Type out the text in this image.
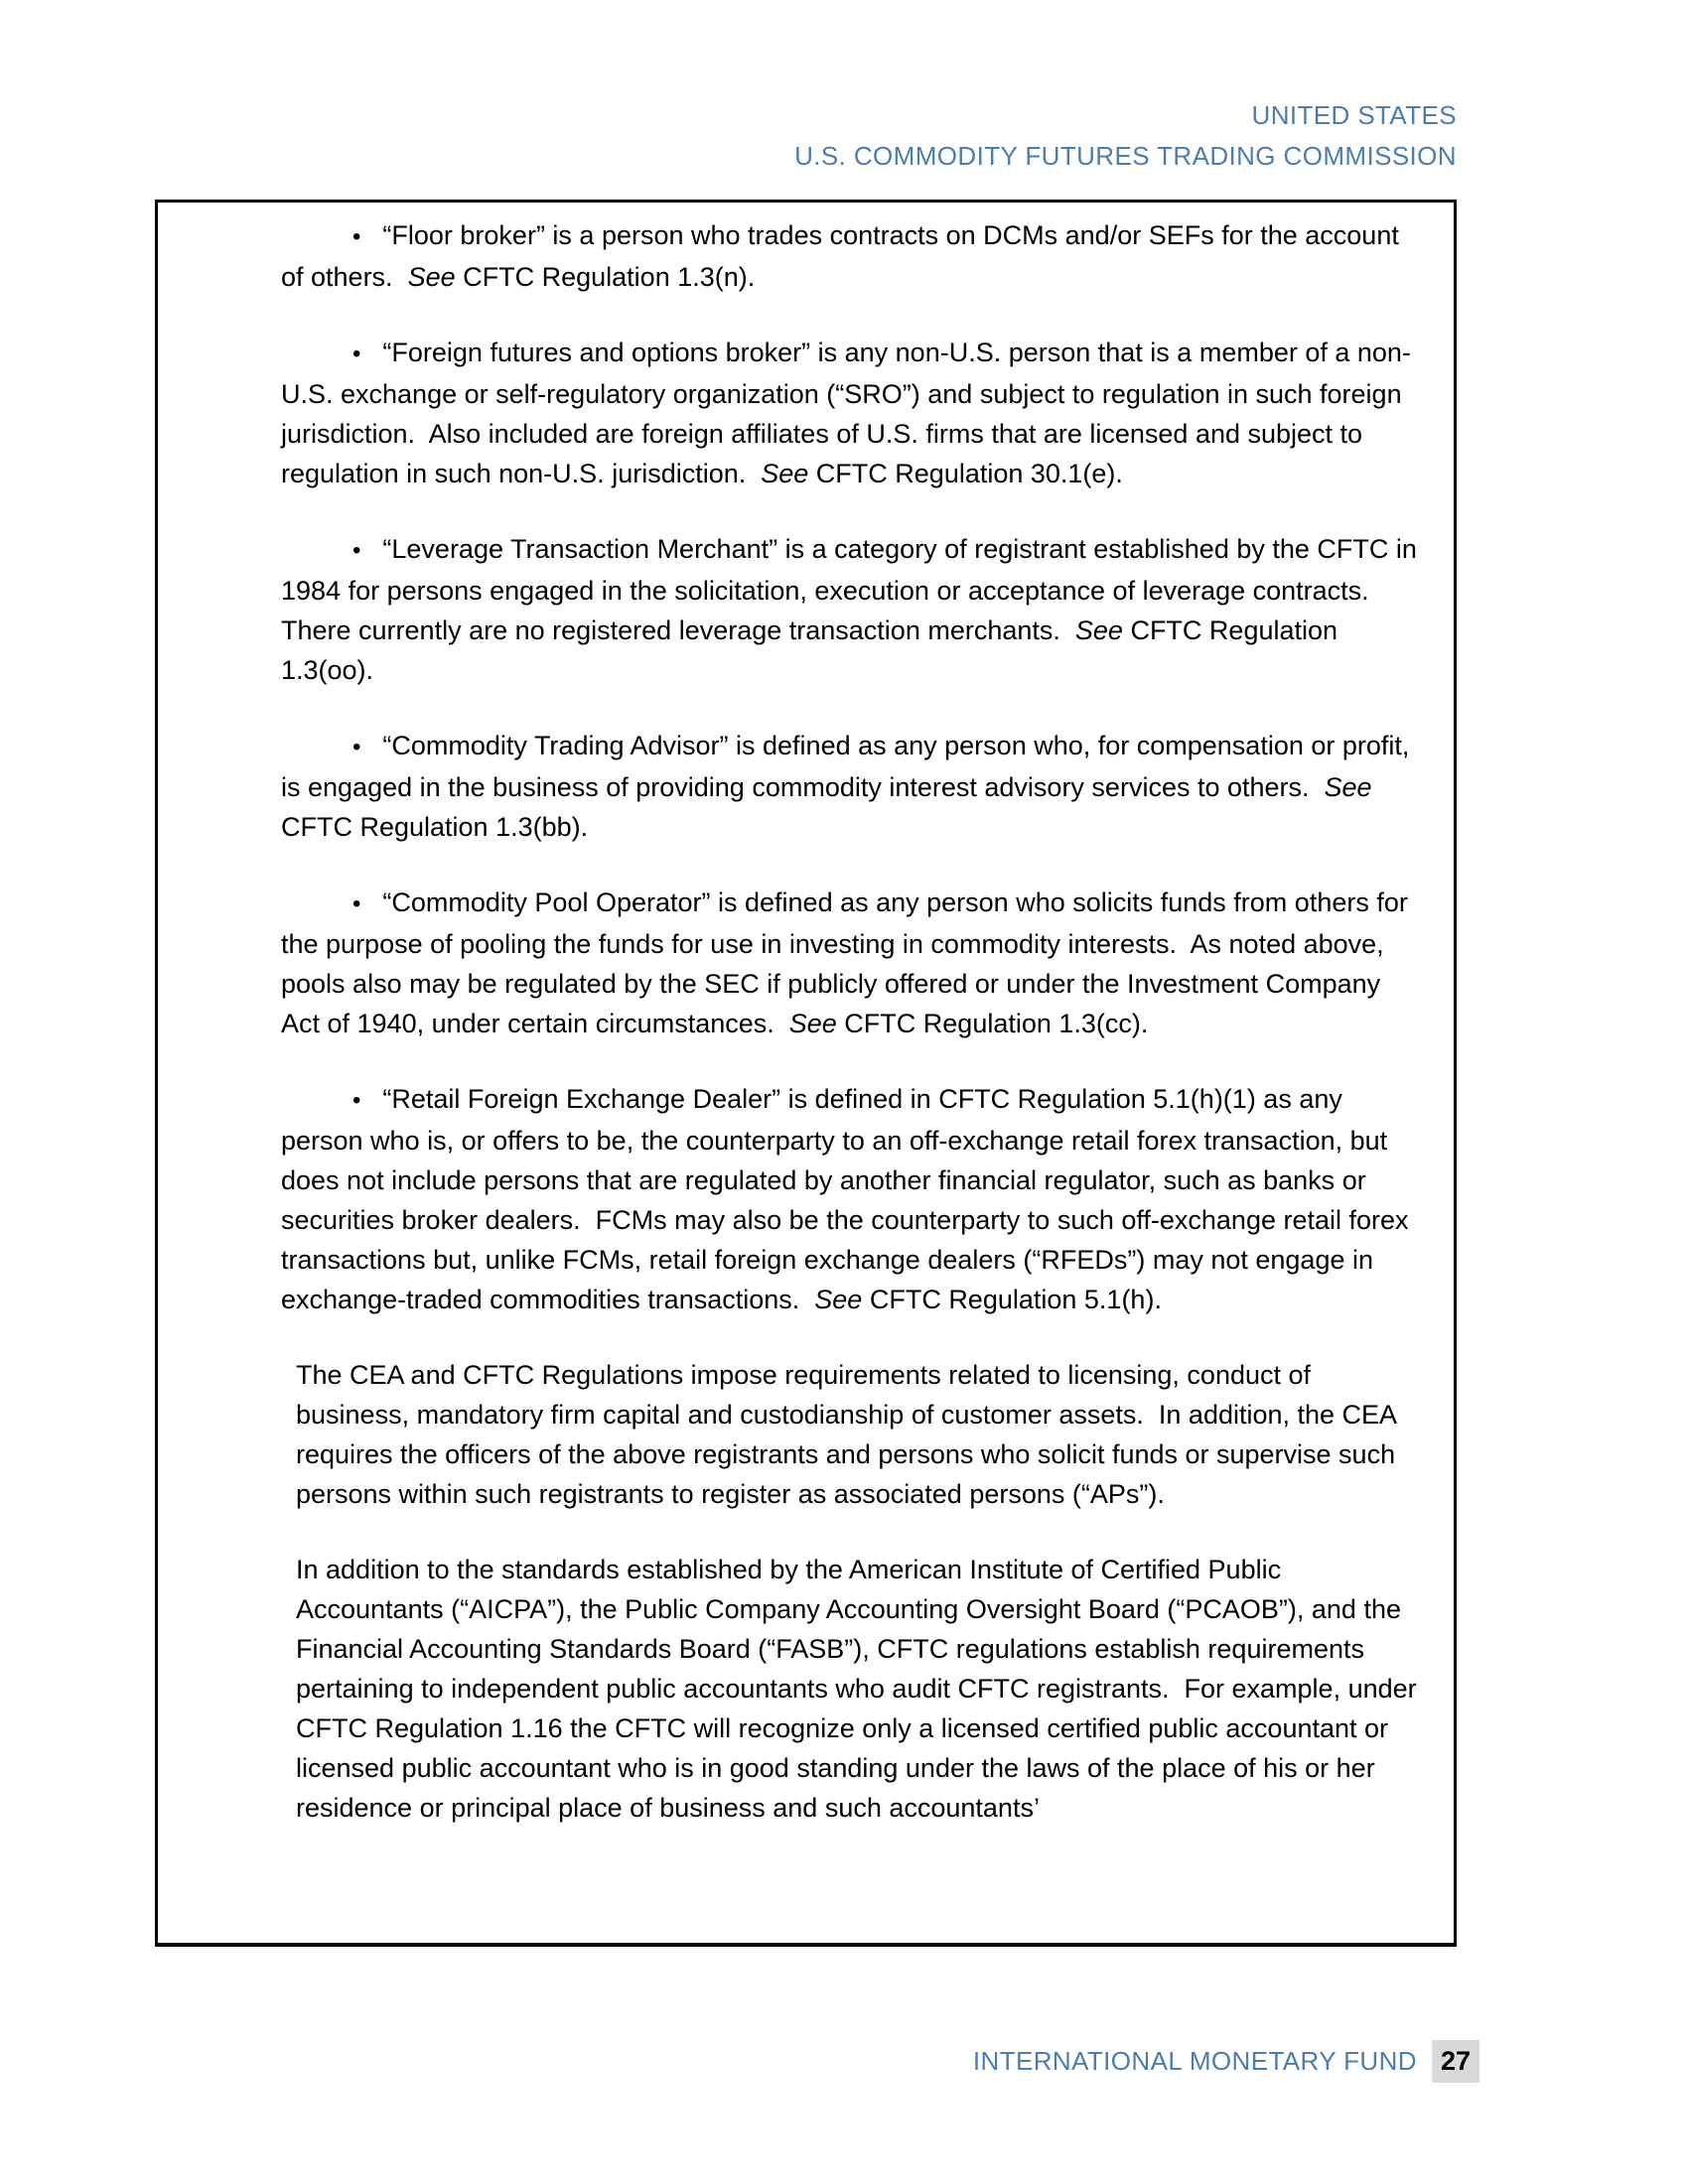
UNITED STATES
U.S. COMMODITY FUTURES TRADING COMMISSION

• “Floor broker” is a person who trades contracts on DCMs and/or SEFs for the account of others.  See CFTC Regulation 1.3(n).

• “Foreign futures and options broker” is any non-U.S. person that is a member of a non-U.S. exchange or self-regulatory organization (“SRO”) and subject to regulation in such foreign jurisdiction.  Also included are foreign affiliates of U.S. firms that are licensed and subject to regulation in such non-U.S. jurisdiction.  See CFTC Regulation 30.1(e).

• “Leverage Transaction Merchant” is a category of registrant established by the CFTC in 1984 for persons engaged in the solicitation, execution or acceptance of leverage contracts.  There currently are no registered leverage transaction merchants.  See CFTC Regulation 1.3(oo).

• “Commodity Trading Advisor” is defined as any person who, for compensation or profit, is engaged in the business of providing commodity interest advisory services to others.  See CFTC Regulation 1.3(bb).

• “Commodity Pool Operator” is defined as any person who solicits funds from others for the purpose of pooling the funds for use in investing in commodity interests.  As noted above, pools also may be regulated by the SEC if publicly offered or under the Investment Company Act of 1940, under certain circumstances.  See CFTC Regulation 1.3(cc).

• “Retail Foreign Exchange Dealer” is defined in CFTC Regulation 5.1(h)(1) as any person who is, or offers to be, the counterparty to an off-exchange retail forex transaction, but does not include persons that are regulated by another financial regulator, such as banks or securities broker dealers.  FCMs may also be the counterparty to such off-exchange retail forex transactions but, unlike FCMs, retail foreign exchange dealers (“RFEDs”) may not engage in exchange-traded commodities transactions.  See CFTC Regulation 5.1(h).

The CEA and CFTC Regulations impose requirements related to licensing, conduct of business, mandatory firm capital and custodianship of customer assets.  In addition, the CEA requires the officers of the above registrants and persons who solicit funds or supervise such persons within such registrants to register as associated persons (“APs”).

In addition to the standards established by the American Institute of Certified Public Accountants (“AICPA”), the Public Company Accounting Oversight Board (“PCAOB”), and the Financial Accounting Standards Board (“FASB”), CFTC regulations establish requirements pertaining to independent public accountants who audit CFTC registrants.  For example, under CFTC Regulation 1.16 the CFTC will recognize only a licensed certified public accountant or licensed public accountant who is in good standing under the laws of the place of his or her residence or principal place of business and such accountants’

INTERNATIONAL MONETARY FUND 27
